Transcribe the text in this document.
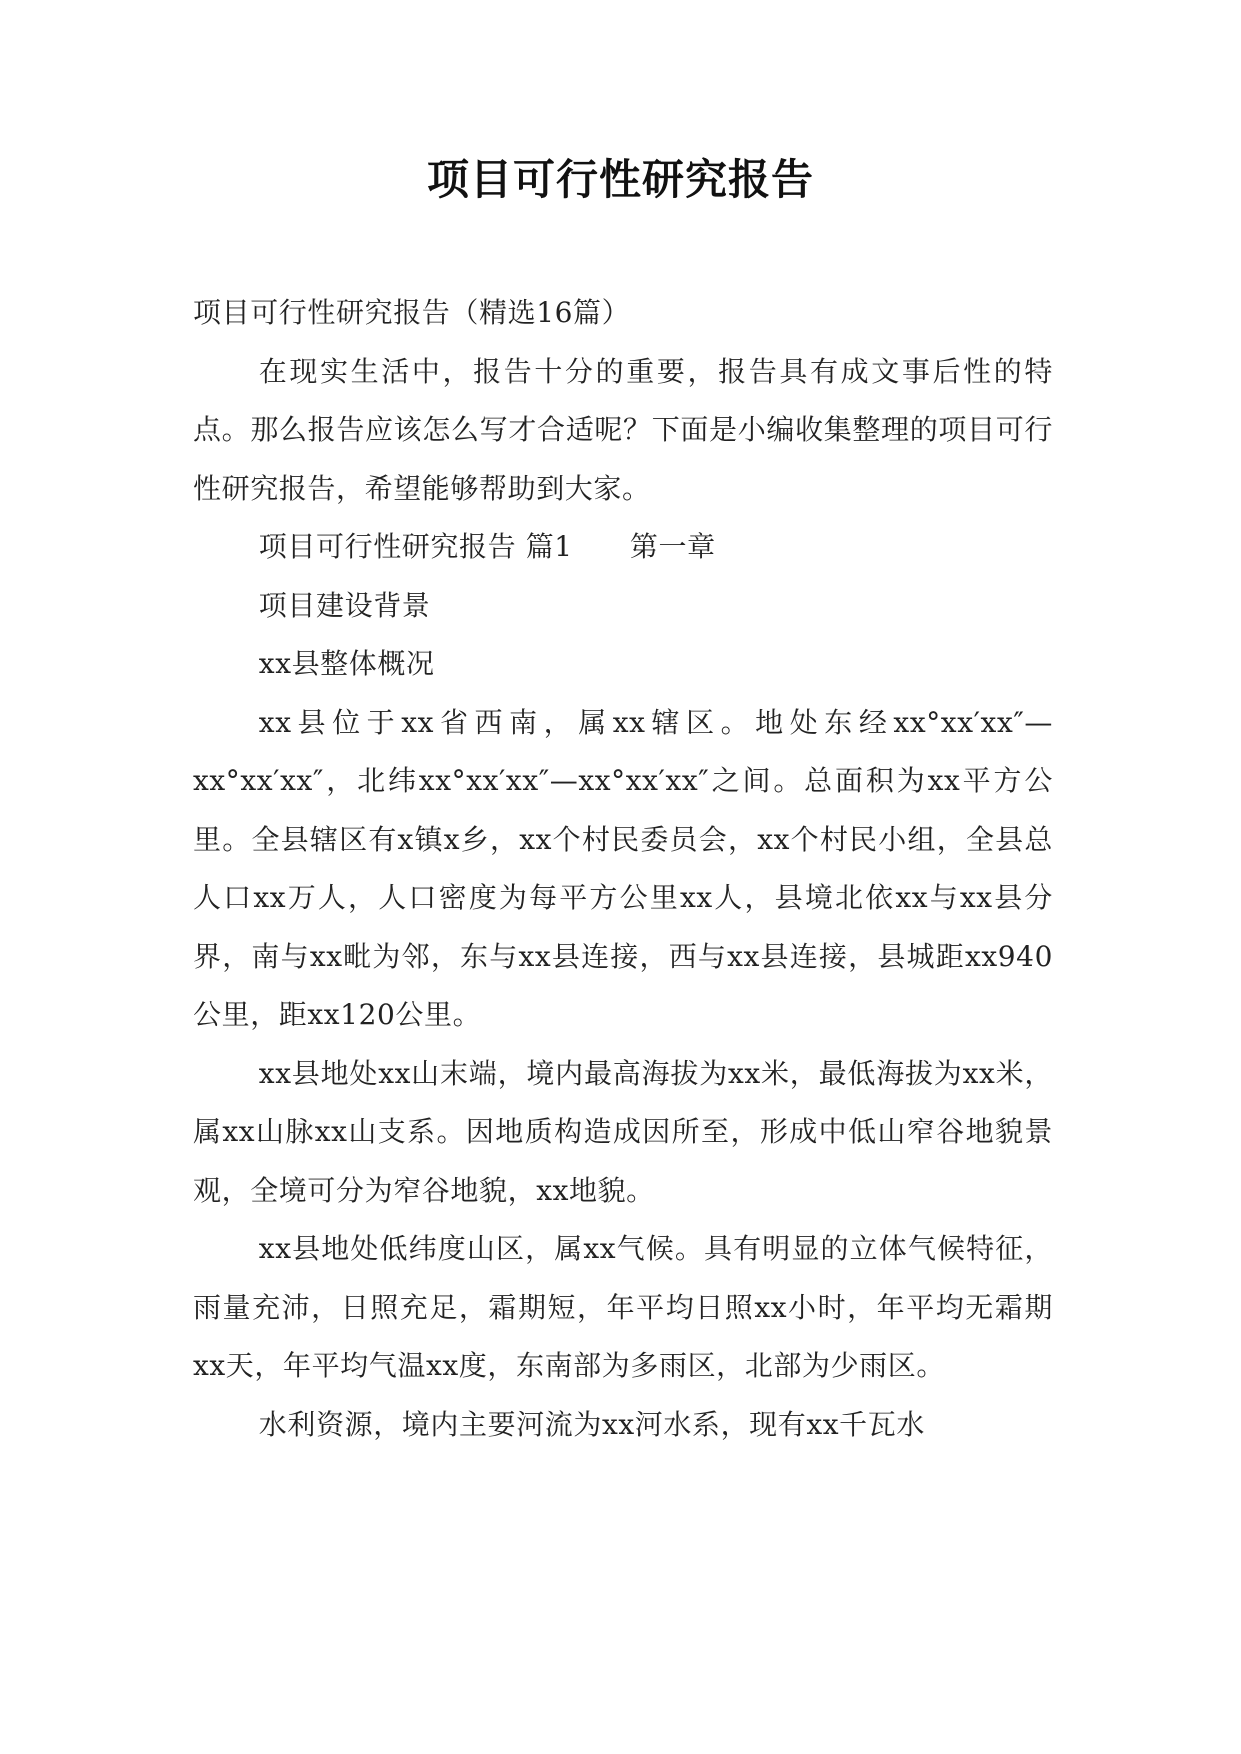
项目可行性研究报告

项目可行性研究报告（精选16篇）

在现实生活中，报告十分的重要，报告具有成文事后性的特点。那么报告应该怎么写才合适呢？下面是小编收集整理的项目可行性研究报告，希望能够帮助到大家。

项目可行性研究报告 篇1　　第一章

项目建设背景

xx县整体概况

xx县位于xx省西南，属xx辖区。地处东经xx°xx′xx″—xx°xx′xx″，北纬xx°xx′xx″—xx°xx′xx″之间。总面积为xx平方公里。全县辖区有x镇x乡，xx个村民委员会，xx个村民小组，全县总人口xx万人，人口密度为每平方公里xx人，县境北依xx与xx县分界，南与xx毗为邻，东与xx县连接，西与xx县连接，县城距xx940公里，距xx120公里。

xx县地处xx山末端，境内最高海拔为xx米，最低海拔为xx米，属xx山脉xx山支系。因地质构造成因所至，形成中低山窄谷地貌景观，全境可分为窄谷地貌，xx地貌。

xx县地处低纬度山区，属xx气候。具有明显的立体气候特征，雨量充沛，日照充足，霜期短，年平均日照xx小时，年平均无霜期xx天，年平均气温xx度，东南部为多雨区，北部为少雨区。

水利资源，境内主要河流为xx河水系，现有xx千瓦水
